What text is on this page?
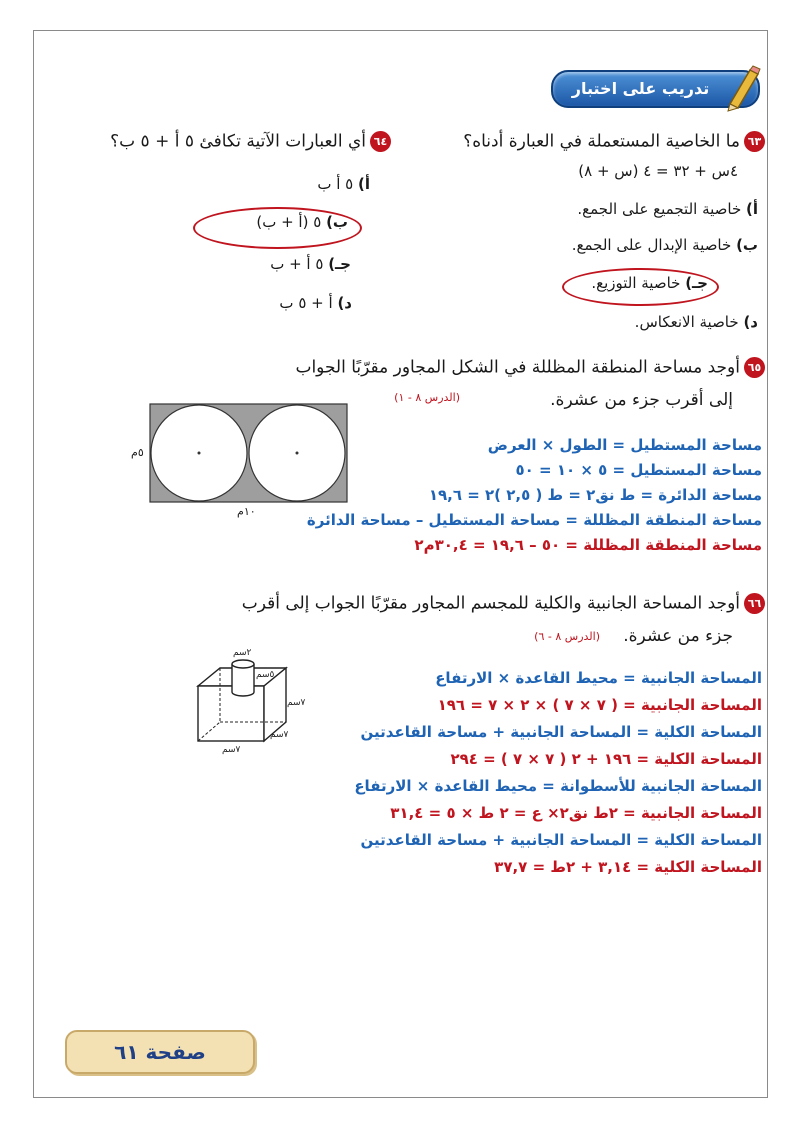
تدريب على اختبار
٦٣ما الخاصية المستعملة في العبارة أدناه؟
٤س + ٣٢ = ٤ (س + ٨)
أ) خاصية التجميع على الجمع.
ب) خاصية الإبدال على الجمع.
جـ) خاصية التوزيع.
د) خاصية الانعكاس.
٦٤أي العبارات الآتية تكافئ ٥ أ + ٥ ب؟
أ) ٥ أ ب
ب) ٥ (أ + ب)
جـ) ٥ أ + ب
د) أ + ٥ ب
٦٥أوجد مساحة المنطقة المظللة في الشكل المجاور مقرّبًا الجواب
إلى أقرب جزء من عشرة.
(الدرس ٨ - ١)
٥م
١٠م
مساحة المستطيل = الطول × العرض
مساحة المستطيل = ٥ × ١٠ = ٥٠
مساحة الدائرة = ط نق٢ = ط ( ٢,٥ )٢ = ١٩,٦
مساحة المنطقة المظللة = مساحة المستطيل – مساحة الدائرة
مساحة المنطقة المظللة = ٥٠ – ١٩,٦ = ٣٠,٤م٢
٦٦أوجد المساحة الجانبية والكلية للمجسم المجاور مقرّبًا الجواب إلى أقرب
جزء من عشرة.
(الدرس ٨ - ٦)
٢سم
٥سم
٧سم
٧سم
٧سم
المساحة الجانبية = محيط القاعدة × الارتفاع
المساحة الجانبية = ( ٧ × ٧ ) × ٢ × ٧ = ١٩٦
المساحة الكلية = المساحة الجانبية + مساحة القاعدتين
المساحة الكلية = ١٩٦ + ٢ ( ٧ × ٧ ) = ٢٩٤
المساحة الجانبية للأسطوانة = محيط القاعدة × الارتفاع
المساحة الجانبية = ٢ط نق٢× ع = ٢ ط × ٥ = ٣١,٤
المساحة الكلية = المساحة الجانبية + مساحة القاعدتين
المساحة الكلية = ٣,١٤ + ٢ط = ٣٧,٧
صفحة ٦١
